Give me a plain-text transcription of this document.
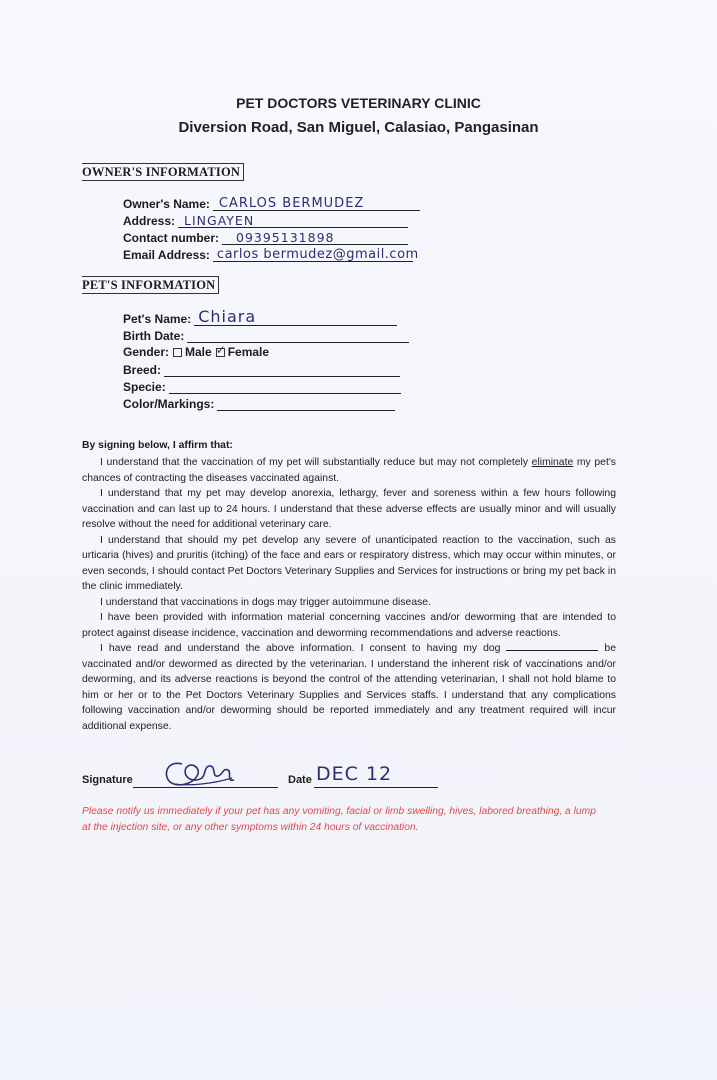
PET DOCTORS VETERINARY CLINIC
Diversion Road, San Miguel, Calasiao, Pangasinan
OWNER'S INFORMATION
Owner's Name: CARLOS BERMUDEZ
Address: LINGAYEN
Contact number: 09395131898
Email Address: carlos bermudez@gmail.com
PET'S INFORMATION
Pet's Name: Chiara
Birth Date:
Gender: Male ✓ Female
Breed:
Specie:
Color/Markings:
By signing below, I affirm that:

I understand that the vaccination of my pet will substantially reduce but may not completely eliminate my pet's chances of contracting the diseases vaccinated against.

I understand that my pet may develop anorexia, lethargy, fever and soreness within a few hours following vaccination and can last up to 24 hours. I understand that these adverse effects are usually minor and will usually resolve without the need for additional veterinary care.

I understand that should my pet develop any severe of unanticipated reaction to the vaccination, such as urticaria (hives) and pruritis (itching) of the face and ears or respiratory distress, which may occur within minutes, or even seconds, I should contact Pet Doctors Veterinary Supplies and Services for instructions or bring my pet back in the clinic immediately.

I understand that vaccinations in dogs may trigger autoimmune disease.

I have been provided with information material concerning vaccines and/or deworming that are intended to protect against disease incidence, vaccination and deworming recommendations and adverse reactions.

I have read and understand the above information. I consent to having my dog	be vaccinated and/or dewormed as directed by the veterinarian. I understand the inherent risk of vaccinations and/or deworming, and its adverse reactions is beyond the control of the attending veterinarian, I shall not hold blame to him or her or to the Pet Doctors Veterinary Supplies and Services staffs. I understand that any complications following vaccination and/or deworming should be reported immediately and any treatment required will incur additional expense.

Signature	Date DEC 12
Please notify us immediately if your pet has any vomiting, facial or limb swelling, hives, labored breathing, a lump at the injection site, or any other symptoms within 24 hours of vaccination.
